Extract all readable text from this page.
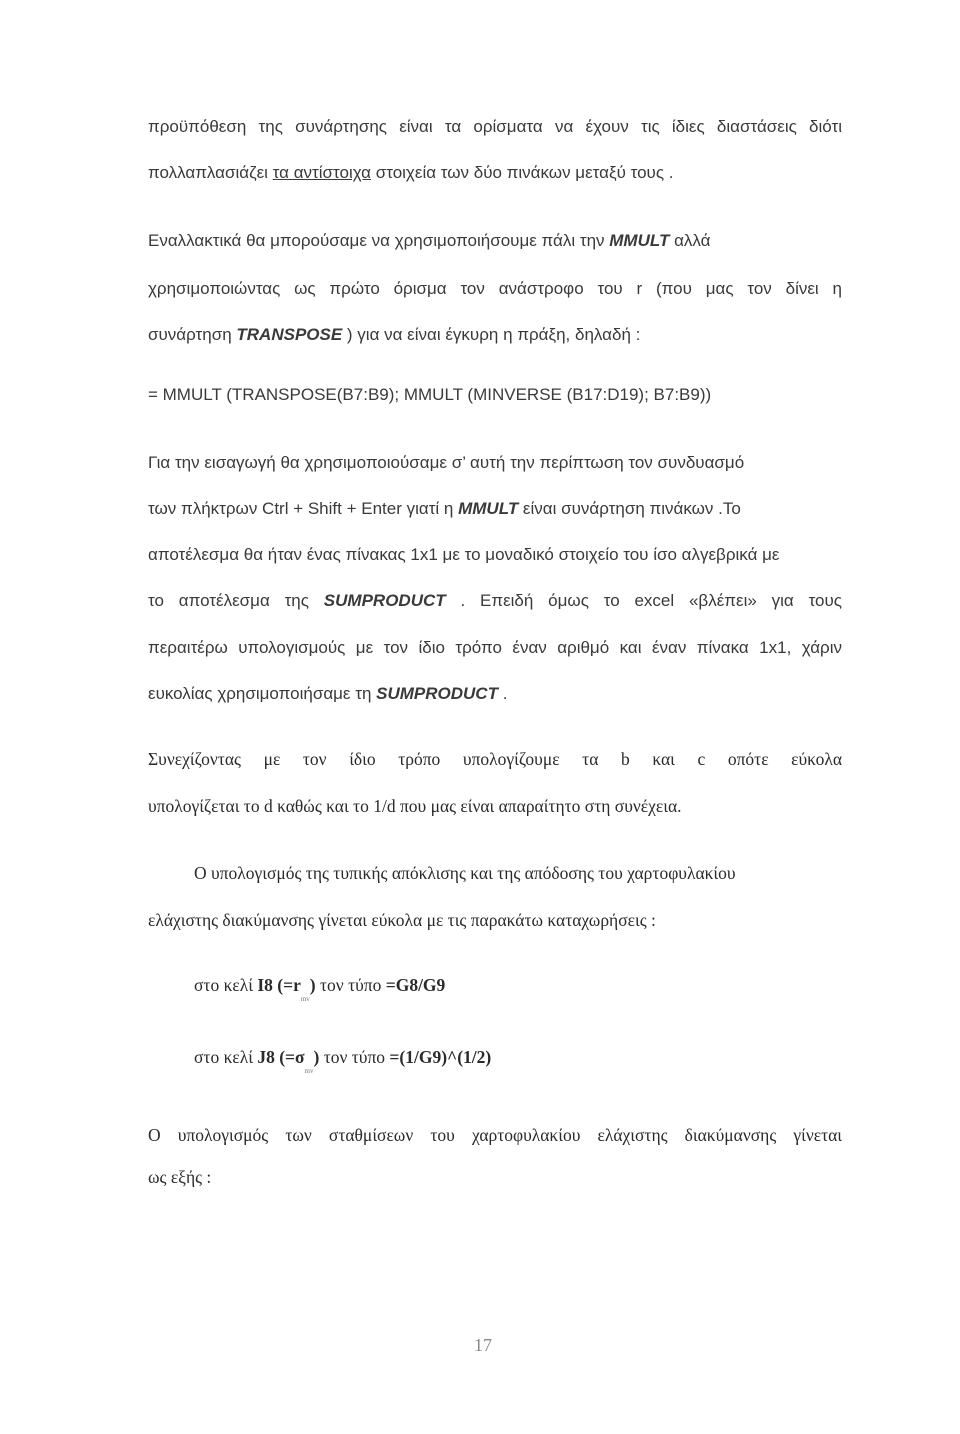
προϋπόθεση της συνάρτησης είναι τα ορίσματα να έχουν τις ίδιες διαστάσεις διότι
πολλαπλασιάζει τα αντίστοιχα στοιχεία των δύο πινάκων μεταξύ τους .
Εναλλακτικά θα μπορούσαμε να χρησιμοποιήσουμε πάλι την MMULT αλλά
χρησιμοποιώντας ως πρώτο όρισμα τον ανάστροφο του r (που μας τον δίνει η
συνάρτηση TRANSPOSE ) για να είναι έγκυρη η πράξη, δηλαδή :
= MMULT (TRANSPOSE(B7:B9); MMULT (MINVERSE (B17:D19); B7:B9))
Για την εισαγωγή θα χρησιμοποιούσαμε σ’ αυτή την περίπτωση τον συνδυασμό
των πλήκτρων Ctrl + Shift + Enter γιατί η MMULT είναι συνάρτηση πινάκων .Το
αποτέλεσμα θα ήταν ένας πίνακας 1x1 με το μοναδικό στοιχείο του ίσο αλγεβρικά με
το αποτέλεσμα της SUMPRODUCT . Επειδή όμως το excel «βλέπει» για τους
περαιτέρω υπολογισμούς με τον ίδιο τρόπο έναν αριθμό και έναν πίνακα 1x1, χάριν
ευκολίας χρησιμοποιήσαμε τη SUMPRODUCT .
Συνεχίζοντας με τον ίδιο τρόπο υπολογίζουμε τα b και c οπότε εύκολα
υπολογίζεται το d καθώς και το 1/d που μας είναι απαραίτητο στη συνέχεια.
Ο υπολογισμός της τυπικής απόκλισης και της απόδοσης του χαρτοφυλακίου
ελάχιστης διακύμανσης γίνεται εύκολα με τις παρακάτω καταχωρήσεις :
στο κελί I8 $(=r_{mv})$ τον τύπο =G8/G9
στο κελί J8 $(=\sigma_{mv})$ τον τύπο =(1/G9)^(1/2)
Ο υπολογισμός των σταθμίσεων του χαρτοφυλακίου ελάχιστης διακύμανσης γίνεται
ως εξής :
17
